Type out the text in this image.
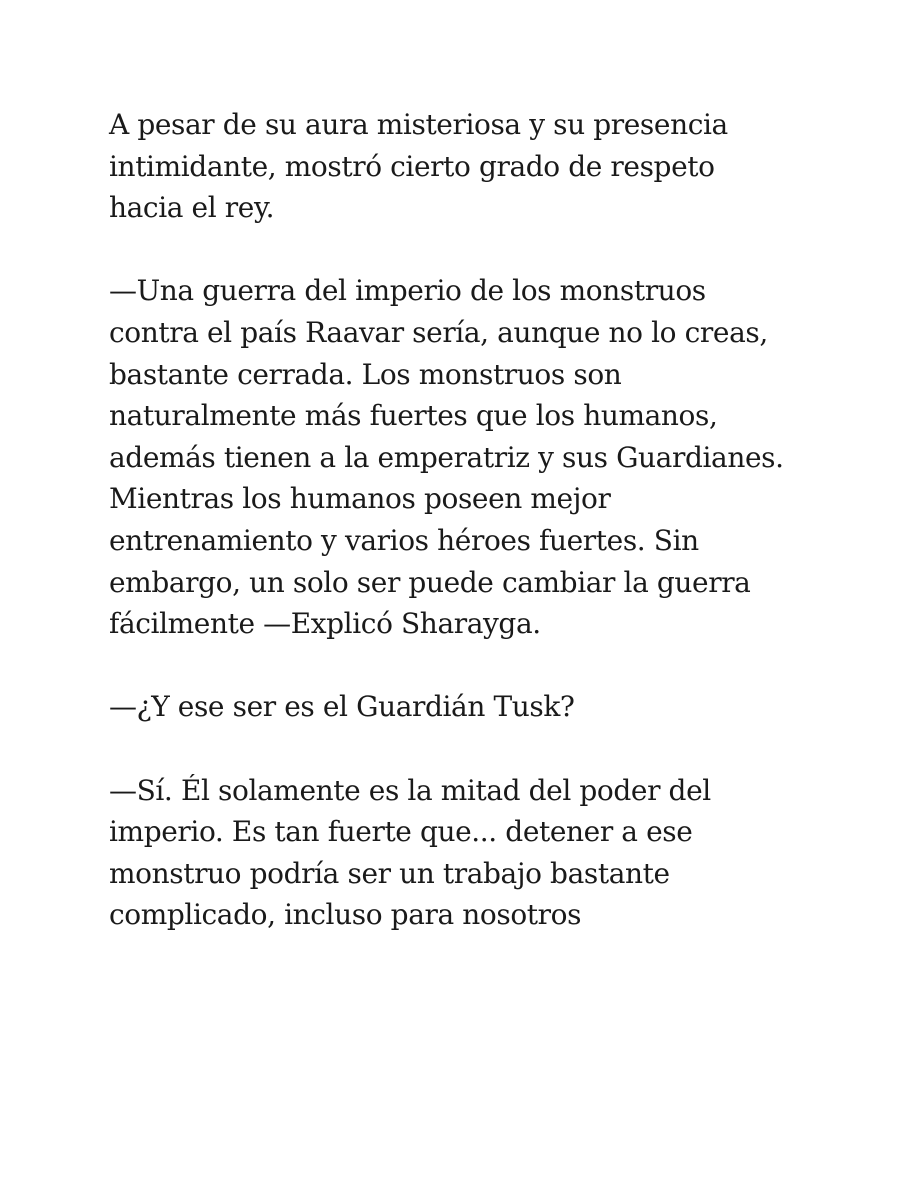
A pesar de su aura misteriosa y su presencia
intimidante, mostró cierto grado de respeto
hacia el rey.

—Una guerra del imperio de los monstruos
contra el país Raavar sería, aunque no lo creas,
bastante cerrada. Los monstruos son
naturalmente más fuertes que los humanos,
además tienen a la emperatriz y sus Guardianes.
Mientras los humanos poseen mejor
entrenamiento y varios héroes fuertes. Sin
embargo, un solo ser puede cambiar la guerra
fácilmente —Explicó Sharayga.

—¿Y ese ser es el Guardián Tusk?

—Sí. Él solamente es la mitad del poder del
imperio. Es tan fuerte que... detener a ese
monstruo podría ser un trabajo bastante
complicado, incluso para nosotros
